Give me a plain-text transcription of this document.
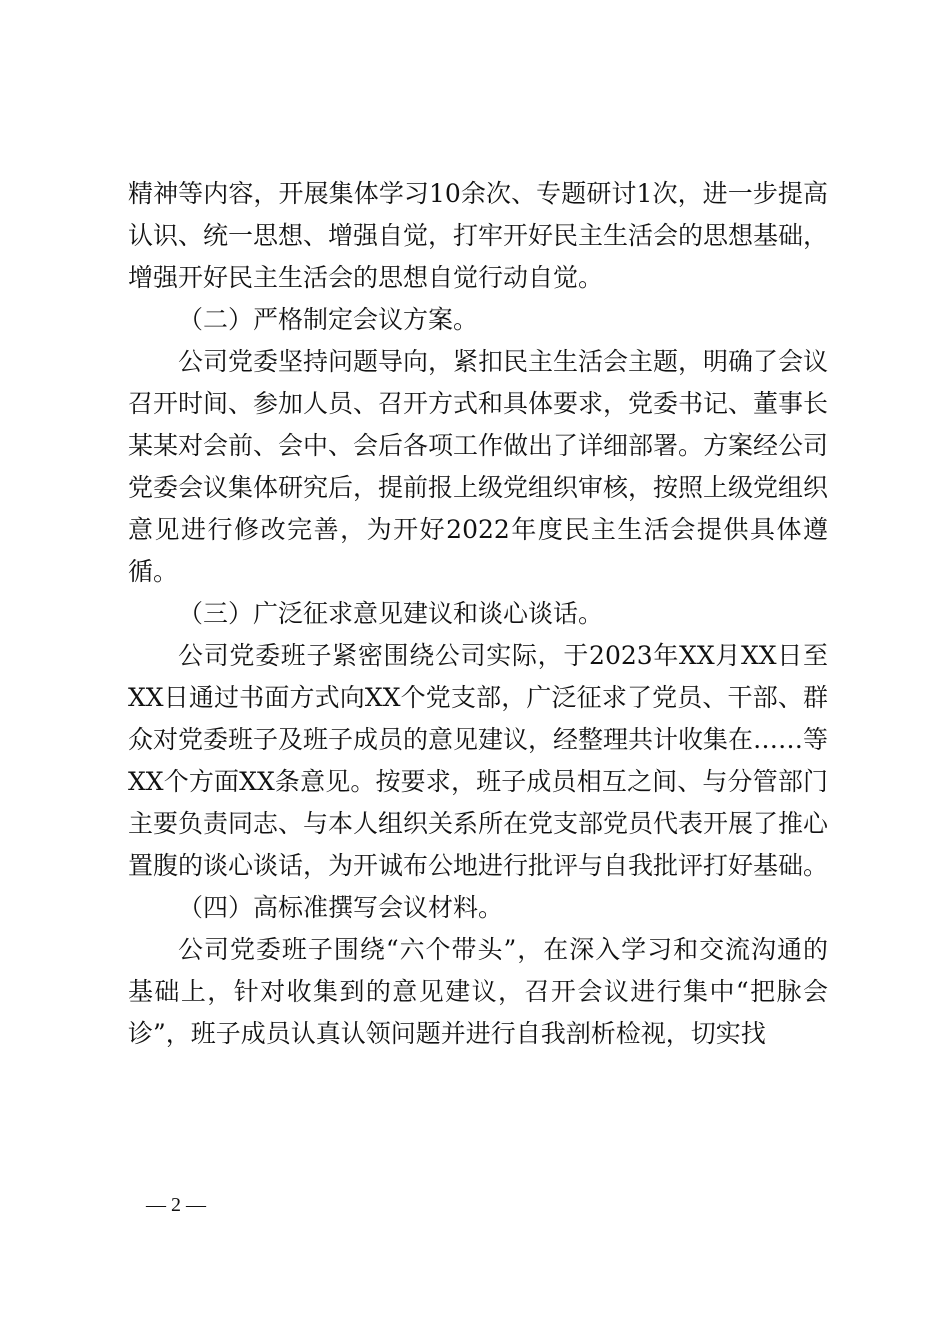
精神等内容，开展集体学习10余次、专题研讨1次，进一步提高认识、统一思想、增强自觉，打牢开好民主生活会的思想基础，增强开好民主生活会的思想自觉行动自觉。

（二）严格制定会议方案。

公司党委坚持问题导向，紧扣民主生活会主题，明确了会议召开时间、参加人员、召开方式和具体要求，党委书记、董事长某某对会前、会中、会后各项工作做出了详细部署。方案经公司党委会议集体研究后，提前报上级党组织审核，按照上级党组织意见进行修改完善，为开好2022年度民主生活会提供具体遵循。

（三）广泛征求意见建议和谈心谈话。

公司党委班子紧密围绕公司实际，于2023年XX月XX日至XX日通过书面方式向XX个党支部，广泛征求了党员、干部、群众对党委班子及班子成员的意见建议，经整理共计收集在……等XX个方面XX条意见。按要求，班子成员相互之间、与分管部门主要负责同志、与本人组织关系所在党支部党员代表开展了推心置腹的谈心谈话，为开诚布公地进行批评与自我批评打好基础。

（四）高标准撰写会议材料。

公司党委班子围绕“六个带头”，在深入学习和交流沟通的基础上，针对收集到的意见建议，召开会议进行集中“把脉会诊”，班子成员认真认领问题并进行自我剖析检视，切实找

— 2 —
